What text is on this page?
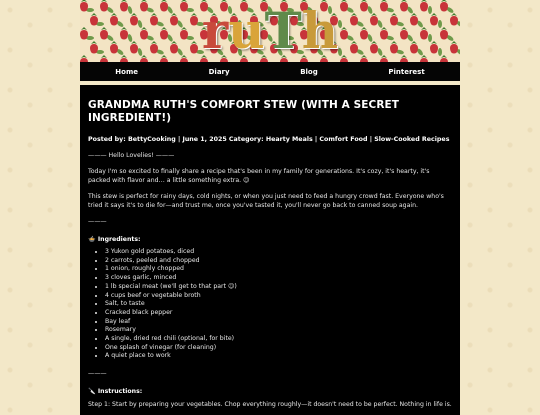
ruTh
Home	Diary	Blog	Pinterest
GRANDMA RUTH'S COMFORT STEW (WITH A SECRET INGREDIENT!)
Posted by: BettyCooking | June 1, 2025 Category: Hearty Meals | Comfort Food | Slow-Cooked Recipes

——— Hello Lovelies! ———

Today I'm so excited to finally share a recipe that's been in my family for generations. It's cozy, it's hearty, it's packed with flavor and… a little something extra. 😉

This stew is perfect for rainy days, cold nights, or when you just need to feed a hungry crowd fast. Everyone who's tried it says it's to die for—and trust me, once you've tasted it, you'll never go back to canned soup again.

———

🍲 Ingredients:

• 3 Yukon gold potatoes, diced
• 2 carrots, peeled and chopped
• 1 onion, roughly chopped
• 3 cloves garlic, minced
• 1 lb special meat (we'll get to that part 😉)
• 4 cups beef or vegetable broth
• Salt, to taste
• Cracked black pepper
• Bay leaf
• Rosemary
• A single, dried red chili (optional, for bite)
• One splash of vinegar (for cleaning)
• A quiet place to work

———

🔪 Instructions:

Step 1: Start by preparing your vegetables. Chop everything roughly—it doesn't need to be perfect. Nothing in life is.
